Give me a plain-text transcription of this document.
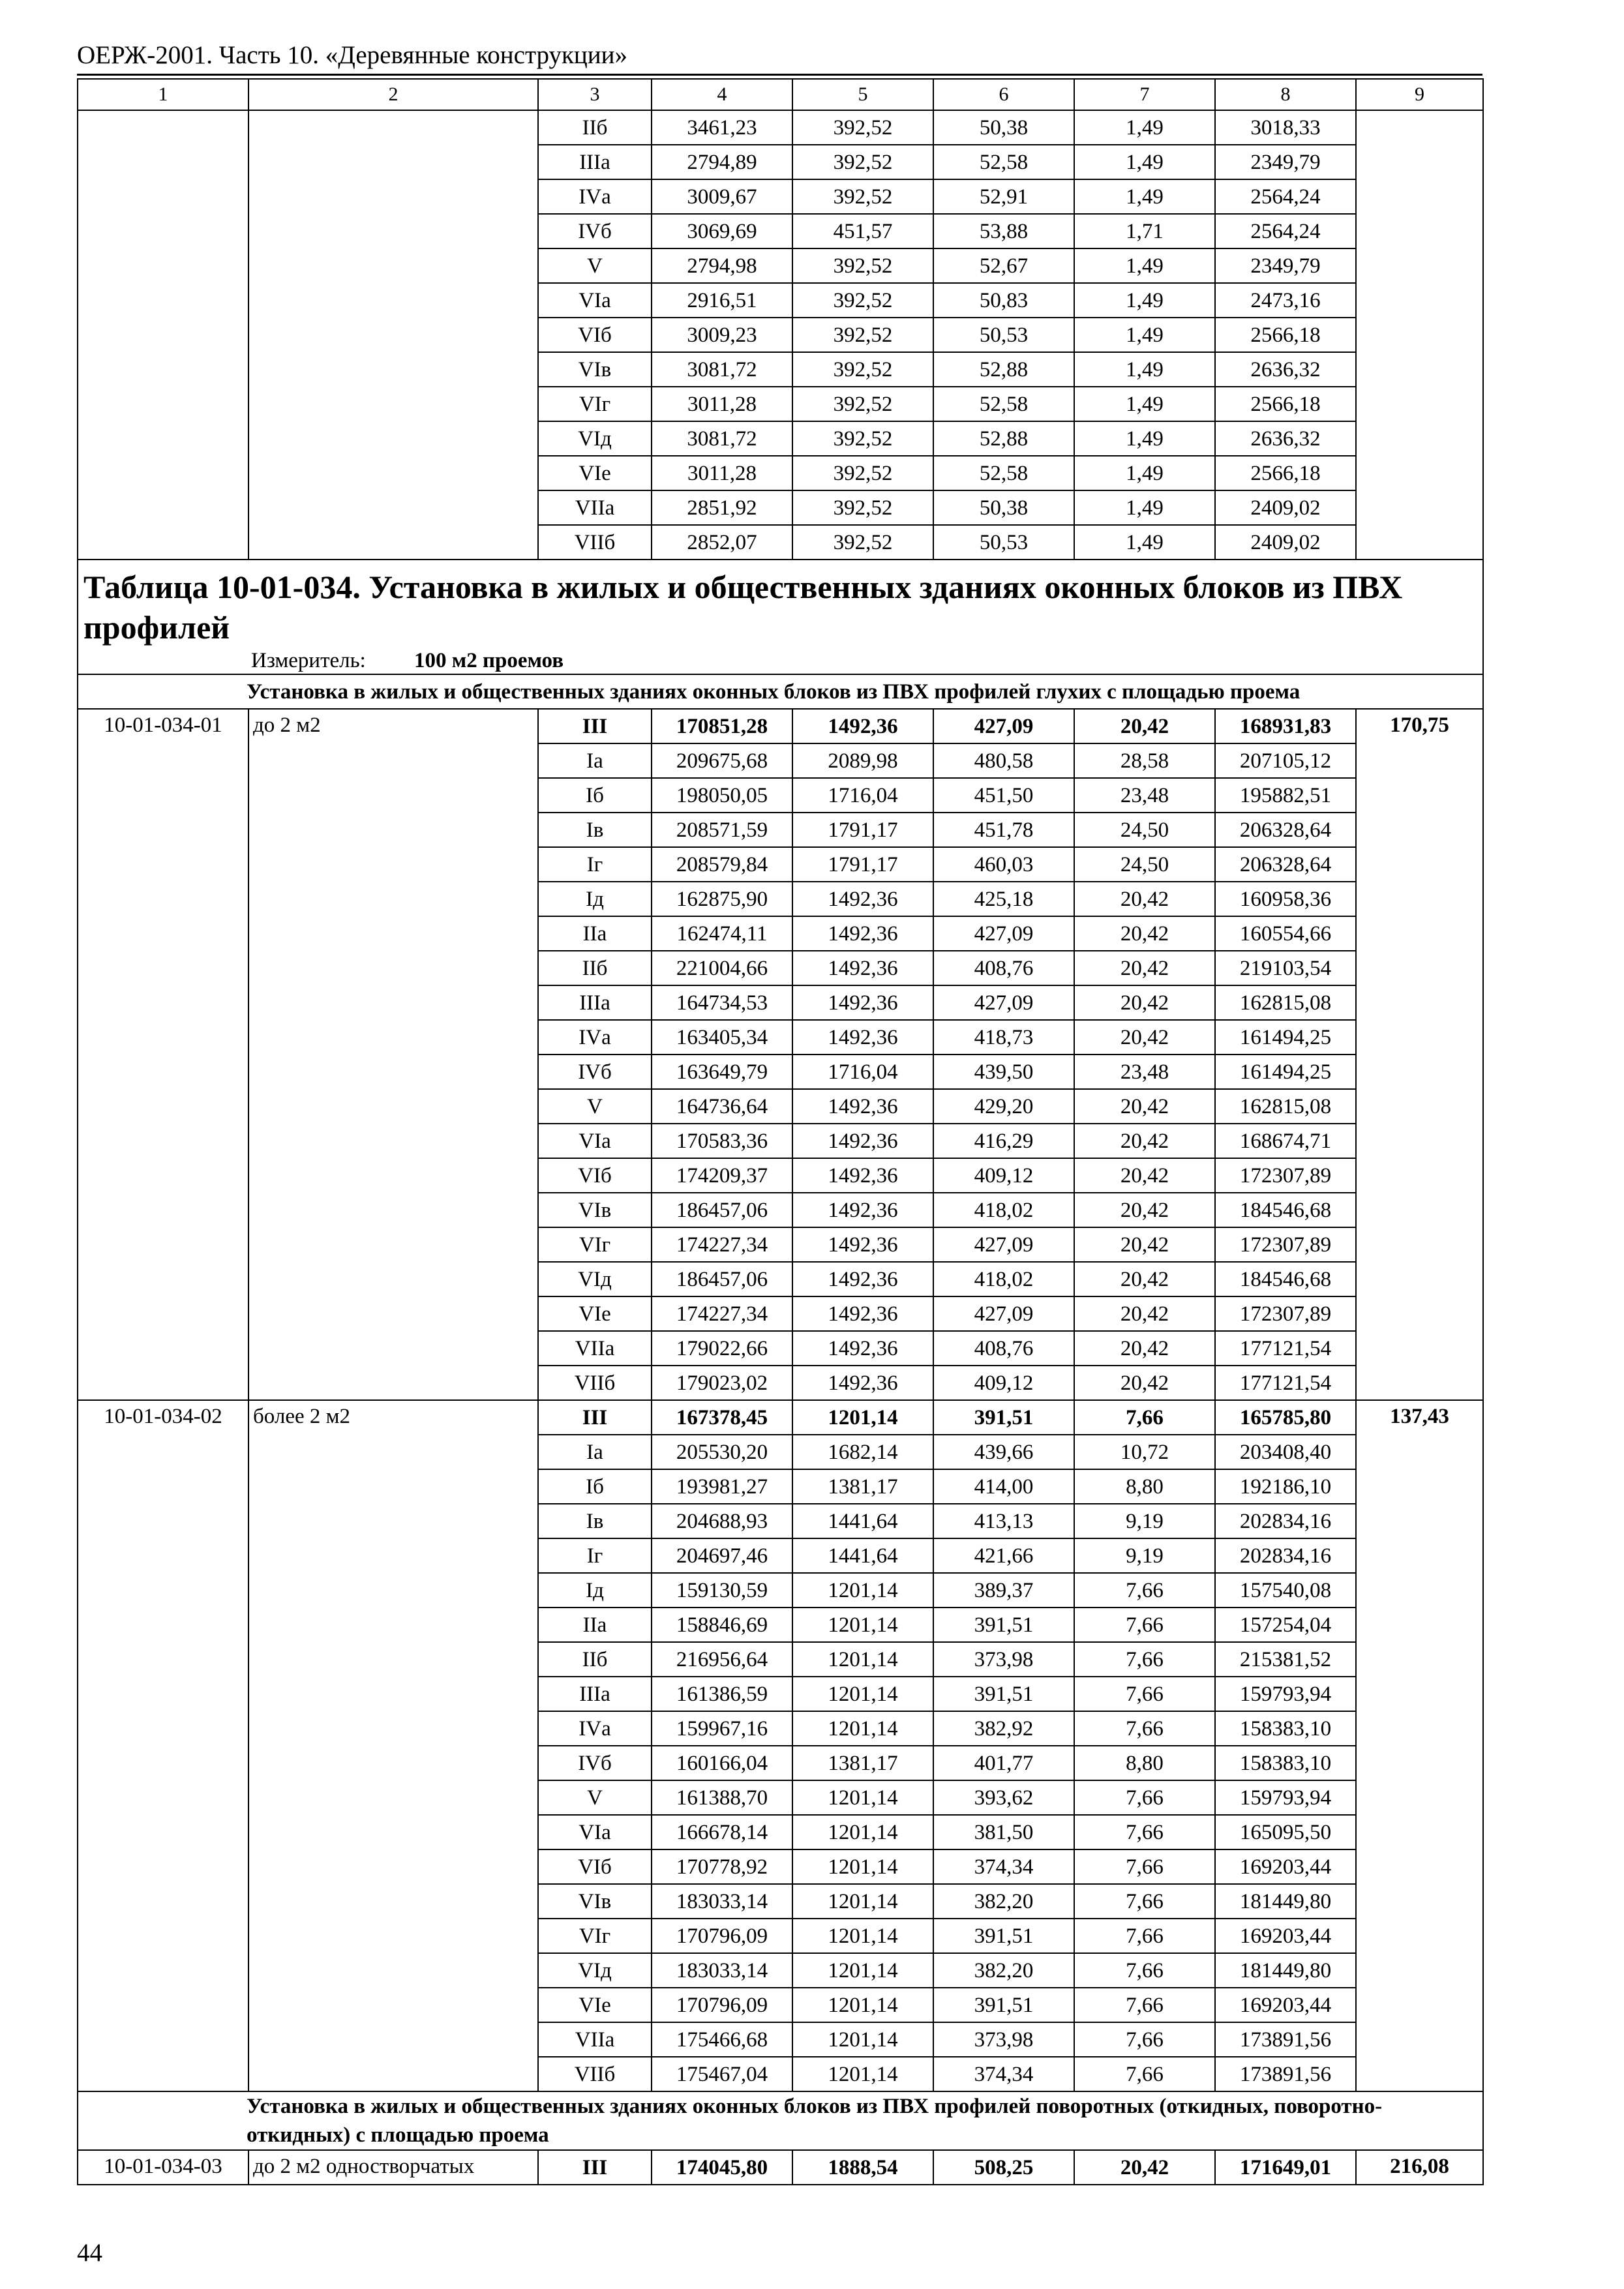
ОЕРЖ-2001. Часть 10. «Деревянные конструкции»
1	2	3	4	5	6	7	8	9
		IIб	3461,23	392,52	50,38	1,49	3018,33	
		IIIа	2794,89	392,52	52,58	1,49	2349,79	
		IVа	3009,67	392,52	52,91	1,49	2564,24	
		IVб	3069,69	451,57	53,88	1,71	2564,24	
		V	2794,98	392,52	52,67	1,49	2349,79	
		VIа	2916,51	392,52	50,83	1,49	2473,16	
		VIб	3009,23	392,52	50,53	1,49	2566,18	
		VIв	3081,72	392,52	52,88	1,49	2636,32	
		VIг	3011,28	392,52	52,58	1,49	2566,18	
		VIд	3081,72	392,52	52,88	1,49	2636,32	
		VIе	3011,28	392,52	52,58	1,49	2566,18	
		VIIа	2851,92	392,52	50,38	1,49	2409,02	
		VIIб	2852,07	392,52	50,53	1,49	2409,02	
Таблица 10-01-034. Установка в жилых и общественных зданиях оконных блоков из ПВХ профилей								
Измеритель: 100 м2 проемов								
Установка в жилых и общественных зданиях оконных блоков из ПВХ профилей глухих с площадью проема								
10-01-034-01	до 2 м2	III	170851,28	1492,36	427,09	20,42	168931,83	170,75
		Iа	209675,68	2089,98	480,58	28,58	207105,12	
		Iб	198050,05	1716,04	451,50	23,48	195882,51	
		Iв	208571,59	1791,17	451,78	24,50	206328,64	
		Iг	208579,84	1791,17	460,03	24,50	206328,64	
		Iд	162875,90	1492,36	425,18	20,42	160958,36	
		IIа	162474,11	1492,36	427,09	20,42	160554,66	
		IIб	221004,66	1492,36	408,76	20,42	219103,54	
		IIIа	164734,53	1492,36	427,09	20,42	162815,08	
		IVа	163405,34	1492,36	418,73	20,42	161494,25	
		IVб	163649,79	1716,04	439,50	23,48	161494,25	
		V	164736,64	1492,36	429,20	20,42	162815,08	
		VIа	170583,36	1492,36	416,29	20,42	168674,71	
		VIб	174209,37	1492,36	409,12	20,42	172307,89	
		VIв	186457,06	1492,36	418,02	20,42	184546,68	
		VIг	174227,34	1492,36	427,09	20,42	172307,89	
		VIд	186457,06	1492,36	418,02	20,42	184546,68	
		VIе	174227,34	1492,36	427,09	20,42	172307,89	
		VIIа	179022,66	1492,36	408,76	20,42	177121,54	
		VIIб	179023,02	1492,36	409,12	20,42	177121,54	
10-01-034-02	более 2 м2	III	167378,45	1201,14	391,51	7,66	165785,80	137,43
		Iа	205530,20	1682,14	439,66	10,72	203408,40	
		Iб	193981,27	1381,17	414,00	8,80	192186,10	
		Iв	204688,93	1441,64	413,13	9,19	202834,16	
		Iг	204697,46	1441,64	421,66	9,19	202834,16	
		Iд	159130,59	1201,14	389,37	7,66	157540,08	
		IIа	158846,69	1201,14	391,51	7,66	157254,04	
		IIб	216956,64	1201,14	373,98	7,66	215381,52	
		IIIа	161386,59	1201,14	391,51	7,66	159793,94	
		IVа	159967,16	1201,14	382,92	7,66	158383,10	
		IVб	160166,04	1381,17	401,77	8,80	158383,10	
		V	161388,70	1201,14	393,62	7,66	159793,94	
		VIа	166678,14	1201,14	381,50	7,66	165095,50	
		VIб	170778,92	1201,14	374,34	7,66	169203,44	
		VIв	183033,14	1201,14	382,20	7,66	181449,80	
		VIг	170796,09	1201,14	391,51	7,66	169203,44	
		VIд	183033,14	1201,14	382,20	7,66	181449,80	
		VIе	170796,09	1201,14	391,51	7,66	169203,44	
		VIIа	175466,68	1201,14	373,98	7,66	173891,56	
		VIIб	175467,04	1201,14	374,34	7,66	173891,56	
Установка в жилых и общественных зданиях оконных блоков из ПВХ профилей поворотных (откидных, поворотно-откидных) с площадью проема								
10-01-034-03	до 2 м2 одностворчатых	III	174045,80	1888,54	508,25	20,42	171649,01	216,08
44
